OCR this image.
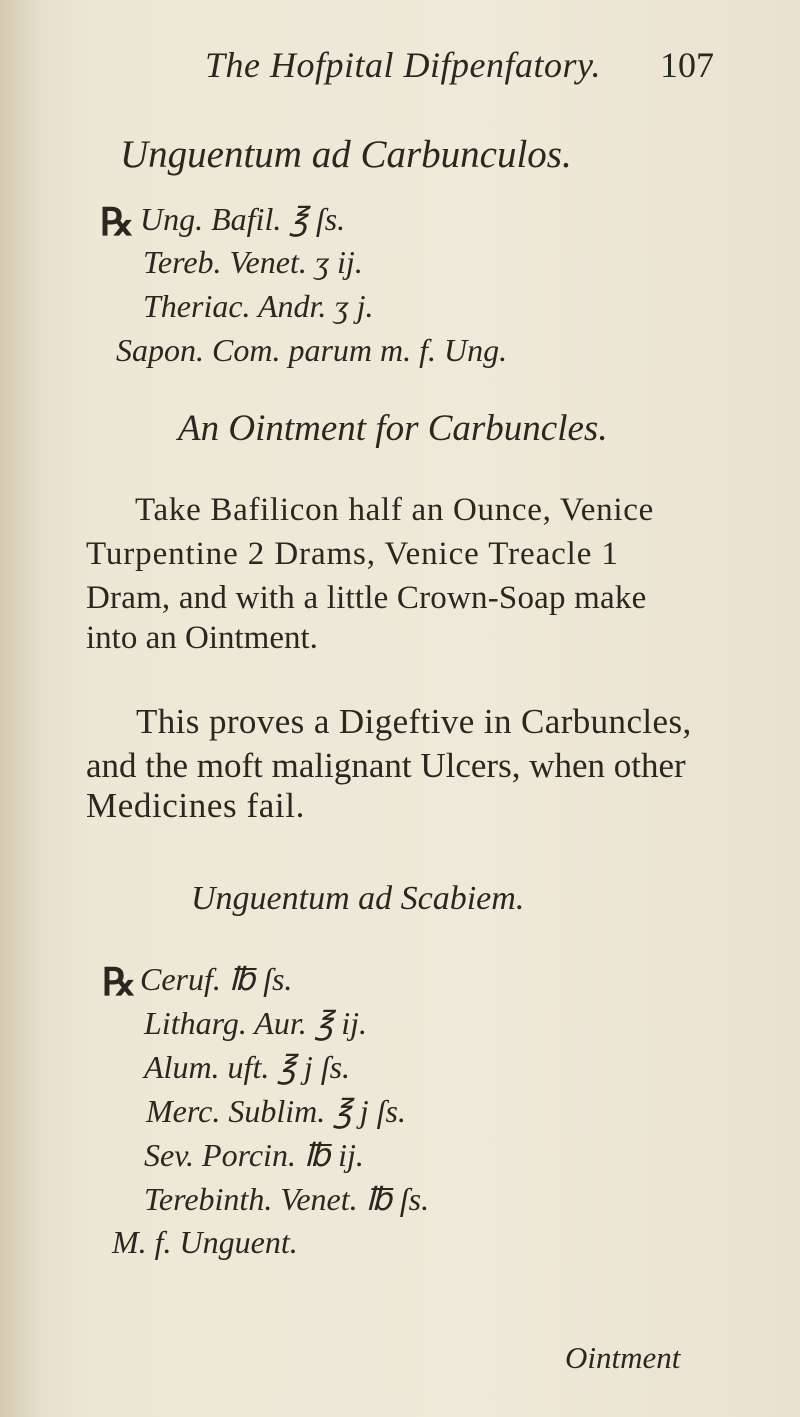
The Hofpital Difpenfatory. 107
Unguentum ad Carbunculos.
℞ Ung. Bafil. ℥ ſs.
Tereb. Venet. ʒ ij.
Theriac. Andr. ʒ j.
Sapon. Com. parum m. f. Ung.
An Ointment for Carbuncles.
Take Bafilicon half an Ounce, Venice
Turpentine 2 Drams, Venice Treacle 1
Dram, and with a little Crown-Soap make
into an Ointment.
This proves a Digeftive in Carbuncles,
and the moft malignant Ulcers, when other
Medicines fail.
Unguentum ad Scabiem.
℞ Ceruf. ℔ ſs.
Litharg. Aur. ℥ ij.
Alum. uft. ℥ j ſs.
Merc. Sublim. ℥ j ſs.
Sev. Porcin. ℔ ij.
Terebinth. Venet. ℔ ſs.
M. f. Unguent.
Ointment
